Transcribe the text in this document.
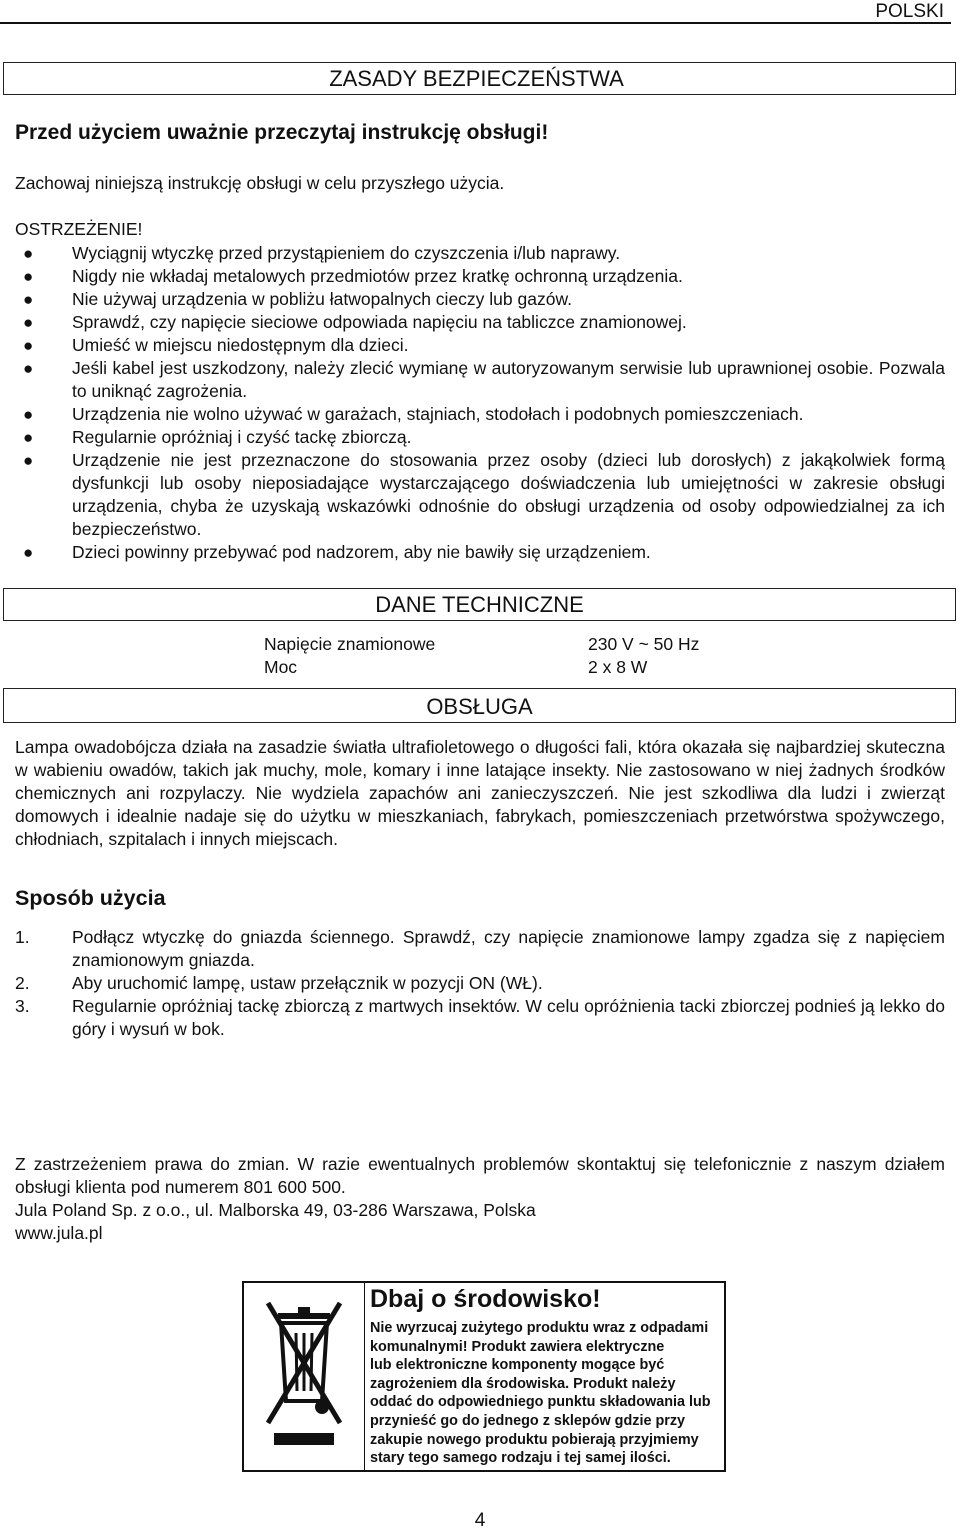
POLSKI
ZASADY BEZPIECZEŃSTWA
Przed użyciem uważnie przeczytaj instrukcję obsługi!
Zachowaj niniejszą instrukcję obsługi w celu przyszłego użycia.
OSTRZEŻENIE!
● Wyciągnij wtyczkę przed przystąpieniem do czyszczenia i/lub naprawy.
● Nigdy nie wkładaj metalowych przedmiotów przez kratkę ochronną urządzenia.
● Nie używaj urządzenia w pobliżu łatwopalnych cieczy lub gazów.
● Sprawdź, czy napięcie sieciowe odpowiada napięciu na tabliczce znamionowej.
● Umieść w miejscu niedostępnym dla dzieci.
● Jeśli kabel jest uszkodzony, należy zlecić wymianę w autoryzowanym serwisie lub uprawnionej osobie. Pozwala to uniknąć zagrożenia.
● Urządzenia nie wolno używać w garażach, stajniach, stodołach i podobnych pomieszczeniach.
● Regularnie opróżniaj i czyść tackę zbiorczą.
● Urządzenie nie jest przeznaczone do stosowania przez osoby (dzieci lub dorosłych) z jakąkolwiek formą dysfunkcji lub osoby nieposiadające wystarczającego doświadczenia lub umiejętności w zakresie obsługi urządzenia, chyba że uzyskają wskazówki odnośnie do obsługi urządzenia od osoby odpowiedzialnej za ich bezpieczeństwo.
● Dzieci powinny przebywać pod nadzorem, aby nie bawiły się urządzeniem.
DANE TECHNICZNE
Napięcie znamionowe	230 V ~ 50 Hz
Moc	2 x 8 W
OBSŁUGA
Lampa owadobójcza działa na zasadzie światła ultrafioletowego o długości fali, która okazała się najbardziej skuteczna w wabieniu owadów, takich jak muchy, mole, komary i inne latające insekty. Nie zastosowano w niej żadnych środków chemicznych ani rozpylaczy. Nie wydziela zapachów ani zanieczyszczeń. Nie jest szkodliwa dla ludzi i zwierząt domowych i idealnie nadaje się do użytku w mieszkaniach, fabrykach, pomieszczeniach przetwórstwa spożywczego, chłodniach, szpitalach i innych miejscach.
Sposób użycia
1. Podłącz wtyczkę do gniazda ściennego. Sprawdź, czy napięcie znamionowe lampy zgadza się z napięciem znamionowym gniazda.
2. Aby uruchomić lampę, ustaw przełącznik w pozycji ON (WŁ).
3. Regularnie opróżniaj tackę zbiorczą z martwych insektów. W celu opróżnienia tacki zbiorczej podnieś ją lekko do góry i wysuń w bok.
Z zastrzeżeniem prawa do zmian. W razie ewentualnych problemów skontaktuj się telefonicznie z naszym działem obsługi klienta pod numerem 801 600 500.
Jula Poland Sp. z o.o., ul. Malborska 49, 03-286 Warszawa, Polska
www.jula.pl
Dbaj o środowisko!
Nie wyrzucaj zużytego produktu wraz z odpadami
komunalnymi! Produkt zawiera elektryczne
lub elektroniczne komponenty mogące być
zagrożeniem dla środowiska. Produkt należy
oddać do odpowiedniego punktu składowania lub
przynieść go do jednego z sklepów gdzie przy
zakupie nowego produktu pobierają przyjmiemy
stary tego samego rodzaju i tej samej ilości.
4
